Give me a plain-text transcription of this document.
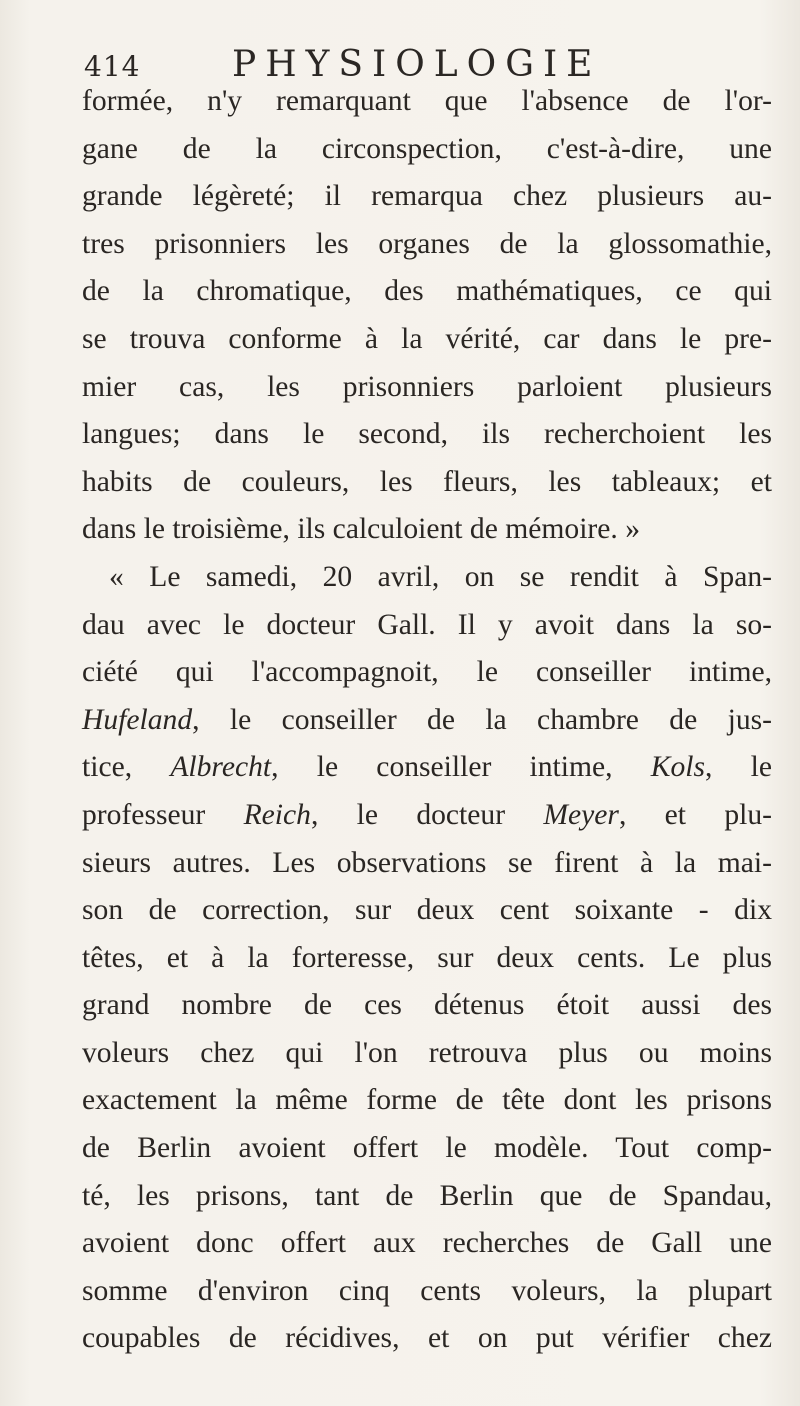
414	PHYSIOLOGIE
formée, n'y remarquant que l'absence de l'or-
gane de la circonspection, c'est-à-dire, une
grande légèreté; il remarqua chez plusieurs au-
tres prisonniers les organes de la glossomathie,
de la chromatique, des mathématiques, ce qui
se trouva conforme à la vérité, car dans le pre-
mier cas, les prisonniers parloient plusieurs
langues; dans le second, ils recherchoient les
habits de couleurs, les fleurs, les tableaux; et
dans le troisième, ils calculoient de mémoire. »
« Le samedi, 20 avril, on se rendit à Span-
dau avec le docteur Gall. Il y avoit dans la so-
ciété qui l'accompagnoit, le conseiller intime,
Hufeland, le conseiller de la chambre de jus-
tice, Albrecht, le conseiller intime, Kols, le
professeur Reich, le docteur Meyer, et plu-
sieurs autres. Les observations se firent à la mai-
son de correction, sur deux cent soixante - dix
têtes, et à la forteresse, sur deux cents. Le plus
grand nombre de ces détenus étoit aussi des
voleurs chez qui l'on retrouva plus ou moins
exactement la même forme de tête dont les prisons
de Berlin avoient offert le modèle. Tout comp-
té, les prisons, tant de Berlin que de Spandau,
avoient donc offert aux recherches de Gall une
somme d'environ cinq cents voleurs, la plupart
coupables de récidives, et on put vérifier chez
